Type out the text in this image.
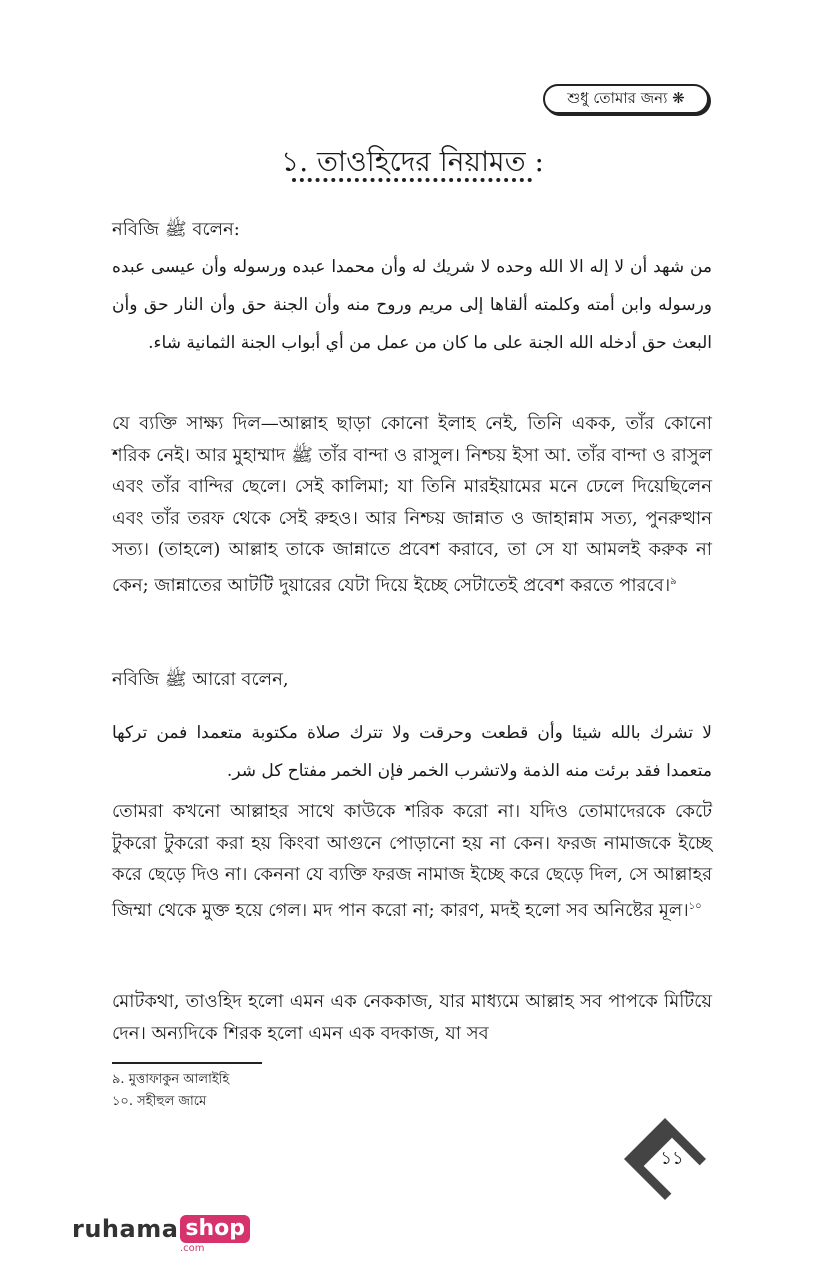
শুধু তোমার জন্য ❋
১. তাওহিদের নিয়ামত :

নবিজি ﷺ বলেন:

من شهد أن لا إله الا الله وحده لا شريك له وأن محمدا عبده ورسوله وأن عيسى عبده ورسوله وابن أمته وكلمته ألقاها إلى مريم وروح منه وأن الجنة حق وأن النار حق وأن البعث حق أدخله الله الجنة على ما كان من عمل من أي أبواب الجنة الثمانية شاء.

যে ব্যক্তি সাক্ষ্য দিল—আল্লাহ ছাড়া কোনো ইলাহ নেই, তিনি একক, তাঁর কোনো শরিক নেই। আর মুহাম্মাদ ﷺ তাঁর বান্দা ও রাসুল। নিশ্চয় ইসা আ. তাঁর বান্দা ও রাসুল এবং তাঁর বান্দির ছেলে। সেই কালিমা; যা তিনি মারইয়ামের মনে ঢেলে দিয়েছিলেন এবং তাঁর তরফ থেকে সেই রুহও। আর নিশ্চয় জান্নাত ও জাহান্নাম সত্য, পুনরুত্থান সত্য। (তাহলে) আল্লাহ তাকে জান্নাতে প্রবেশ করাবে, তা সে যা আমলই করুক না কেন; জান্নাতের আটটি দুয়ারের যেটা দিয়ে ইচ্ছে সেটাতেই প্রবেশ করতে পারবে।$^৯$

নবিজি ﷺ আরো বলেন,

لا تشرك بالله شيئا وأن قطعت وحرقت ولا تترك صلاة مكتوبة متعمدا فمن تركها متعمدا فقد برئت منه الذمة ولاتشرب الخمر فإن الخمر مفتاح كل شر.

তোমরা কখনো আল্লাহর সাথে কাউকে শরিক করো না। যদিও তোমাদেরকে কেটে টুকরো টুকরো করা হয় কিংবা আগুনে পোড়ানো হয় না কেন। ফরজ নামাজকে ইচ্ছে করে ছেড়ে দিও না। কেননা যে ব্যক্তি ফরজ নামাজ ইচ্ছে করে ছেড়ে দিল, সে আল্লাহর জিম্মা থেকে মুক্ত হয়ে গেল। মদ পান করো না; কারণ, মদই হলো সব অনিষ্টের মূল।$^{১০}$

মোটকথা, তাওহিদ হলো এমন এক নেককাজ, যার মাধ্যমে আল্লাহ সব পাপকে মিটিয়ে দেন। অন্যদিকে শিরক হলো এমন এক বদকাজ, যা সব

৯. মুত্তাফাকুন আলাইহি
১০. সহীহুল জামে
১১
ruhama shop
.com
